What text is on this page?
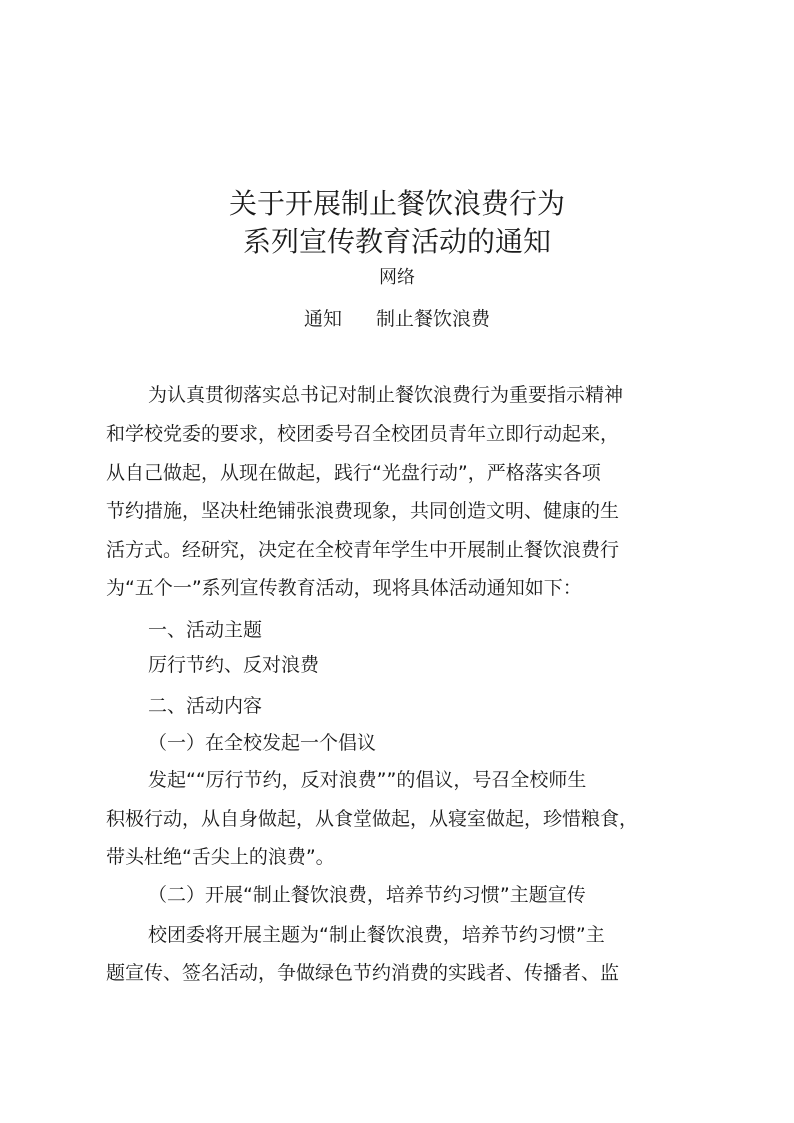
关于开展制止餐饮浪费行为
系列宣传教育活动的通知
网络
通知 制止餐饮浪费
为认真贯彻落实总书记对制止餐饮浪费行为重要指示精神
和学校党委的要求，校团委号召全校团员青年立即行动起来，
从自己做起，从现在做起，践行“光盘行动”，严格落实各项
节约措施，坚决杜绝铺张浪费现象，共同创造文明、健康的生
活方式。经研究，决定在全校青年学生中开展制止餐饮浪费行
为“五个一”系列宣传教育活动，现将具体活动通知如下：
一、活动主题
厉行节约、反对浪费
二、活动内容
（一）在全校发起一个倡议
发起““厉行节约，反对浪费””的倡议，号召全校师生
积极行动，从自身做起，从食堂做起，从寝室做起，珍惜粮食，
带头杜绝“舌尖上的浪费”。
（二）开展“制止餐饮浪费，培养节约习惯”主题宣传
校团委将开展主题为“制止餐饮浪费，培养节约习惯”主
题宣传、签名活动，争做绿色节约消费的实践者、传播者、监
